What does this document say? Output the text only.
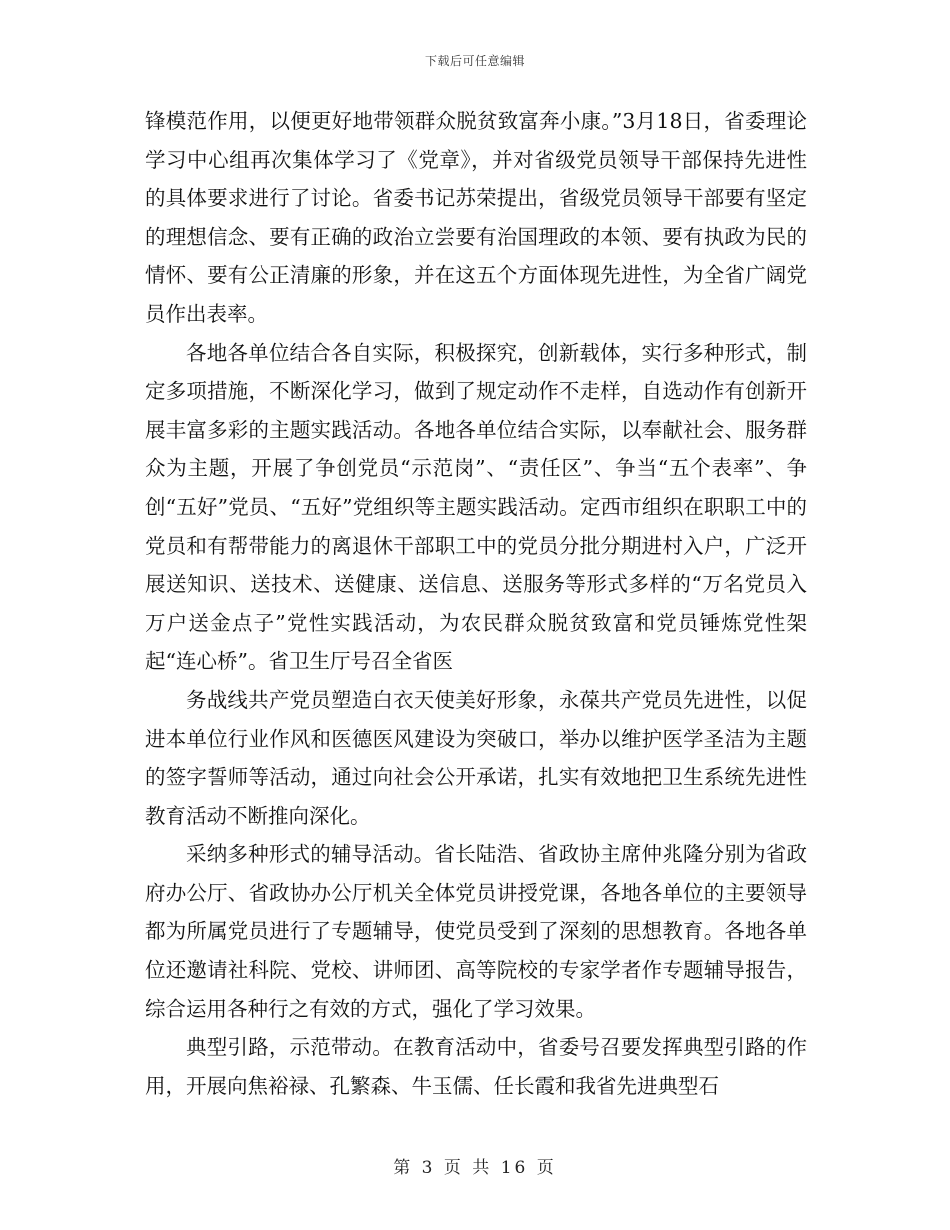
下载后可任意编辑

锋模范作用，以便更好地带领群众脱贫致富奔小康。”3月18日，省委理论学习中心组再次集体学习了《党章》，并对省级党员领导干部保持先进性的具体要求进行了讨论。省委书记苏荣提出，省级党员领导干部要有坚定的理想信念、要有正确的政治立尝要有治国理政的本领、要有执政为民的情怀、要有公正清廉的形象，并在这五个方面体现先进性，为全省广阔党员作出表率。

各地各单位结合各自实际，积极探究，创新载体，实行多种形式，制定多项措施，不断深化学习，做到了规定动作不走样，自选动作有创新开展丰富多彩的主题实践活动。各地各单位结合实际，以奉献社会、服务群众为主题，开展了争创党员“示范岗”、“责任区”、争当“五个表率”、争创“五好”党员、“五好”党组织等主题实践活动。定西市组织在职职工中的党员和有帮带能力的离退休干部职工中的党员分批分期进村入户，广泛开展送知识、送技术、送健康、送信息、送服务等形式多样的“万名党员入万户送金点子”党性实践活动，为农民群众脱贫致富和党员锤炼党性架起“连心桥”。省卫生厅号召全省医

务战线共产党员塑造白衣天使美好形象，永葆共产党员先进性，以促进本单位行业作风和医德医风建设为突破口，举办以维护医学圣洁为主题的签字誓师等活动，通过向社会公开承诺，扎实有效地把卫生系统先进性教育活动不断推向深化。

采纳多种形式的辅导活动。省长陆浩、省政协主席仲兆隆分别为省政府办公厅、省政协办公厅机关全体党员讲授党课，各地各单位的主要领导都为所属党员进行了专题辅导，使党员受到了深刻的思想教育。各地各单位还邀请社科院、党校、讲师团、高等院校的专家学者作专题辅导报告，综合运用各种行之有效的方式，强化了学习效果。

典型引路，示范带动。在教育活动中，省委号召要发挥典型引路的作用，开展向焦裕禄、孔繁森、牛玉儒、任长霞和我省先进典型石

第 3 页 共 16 页
